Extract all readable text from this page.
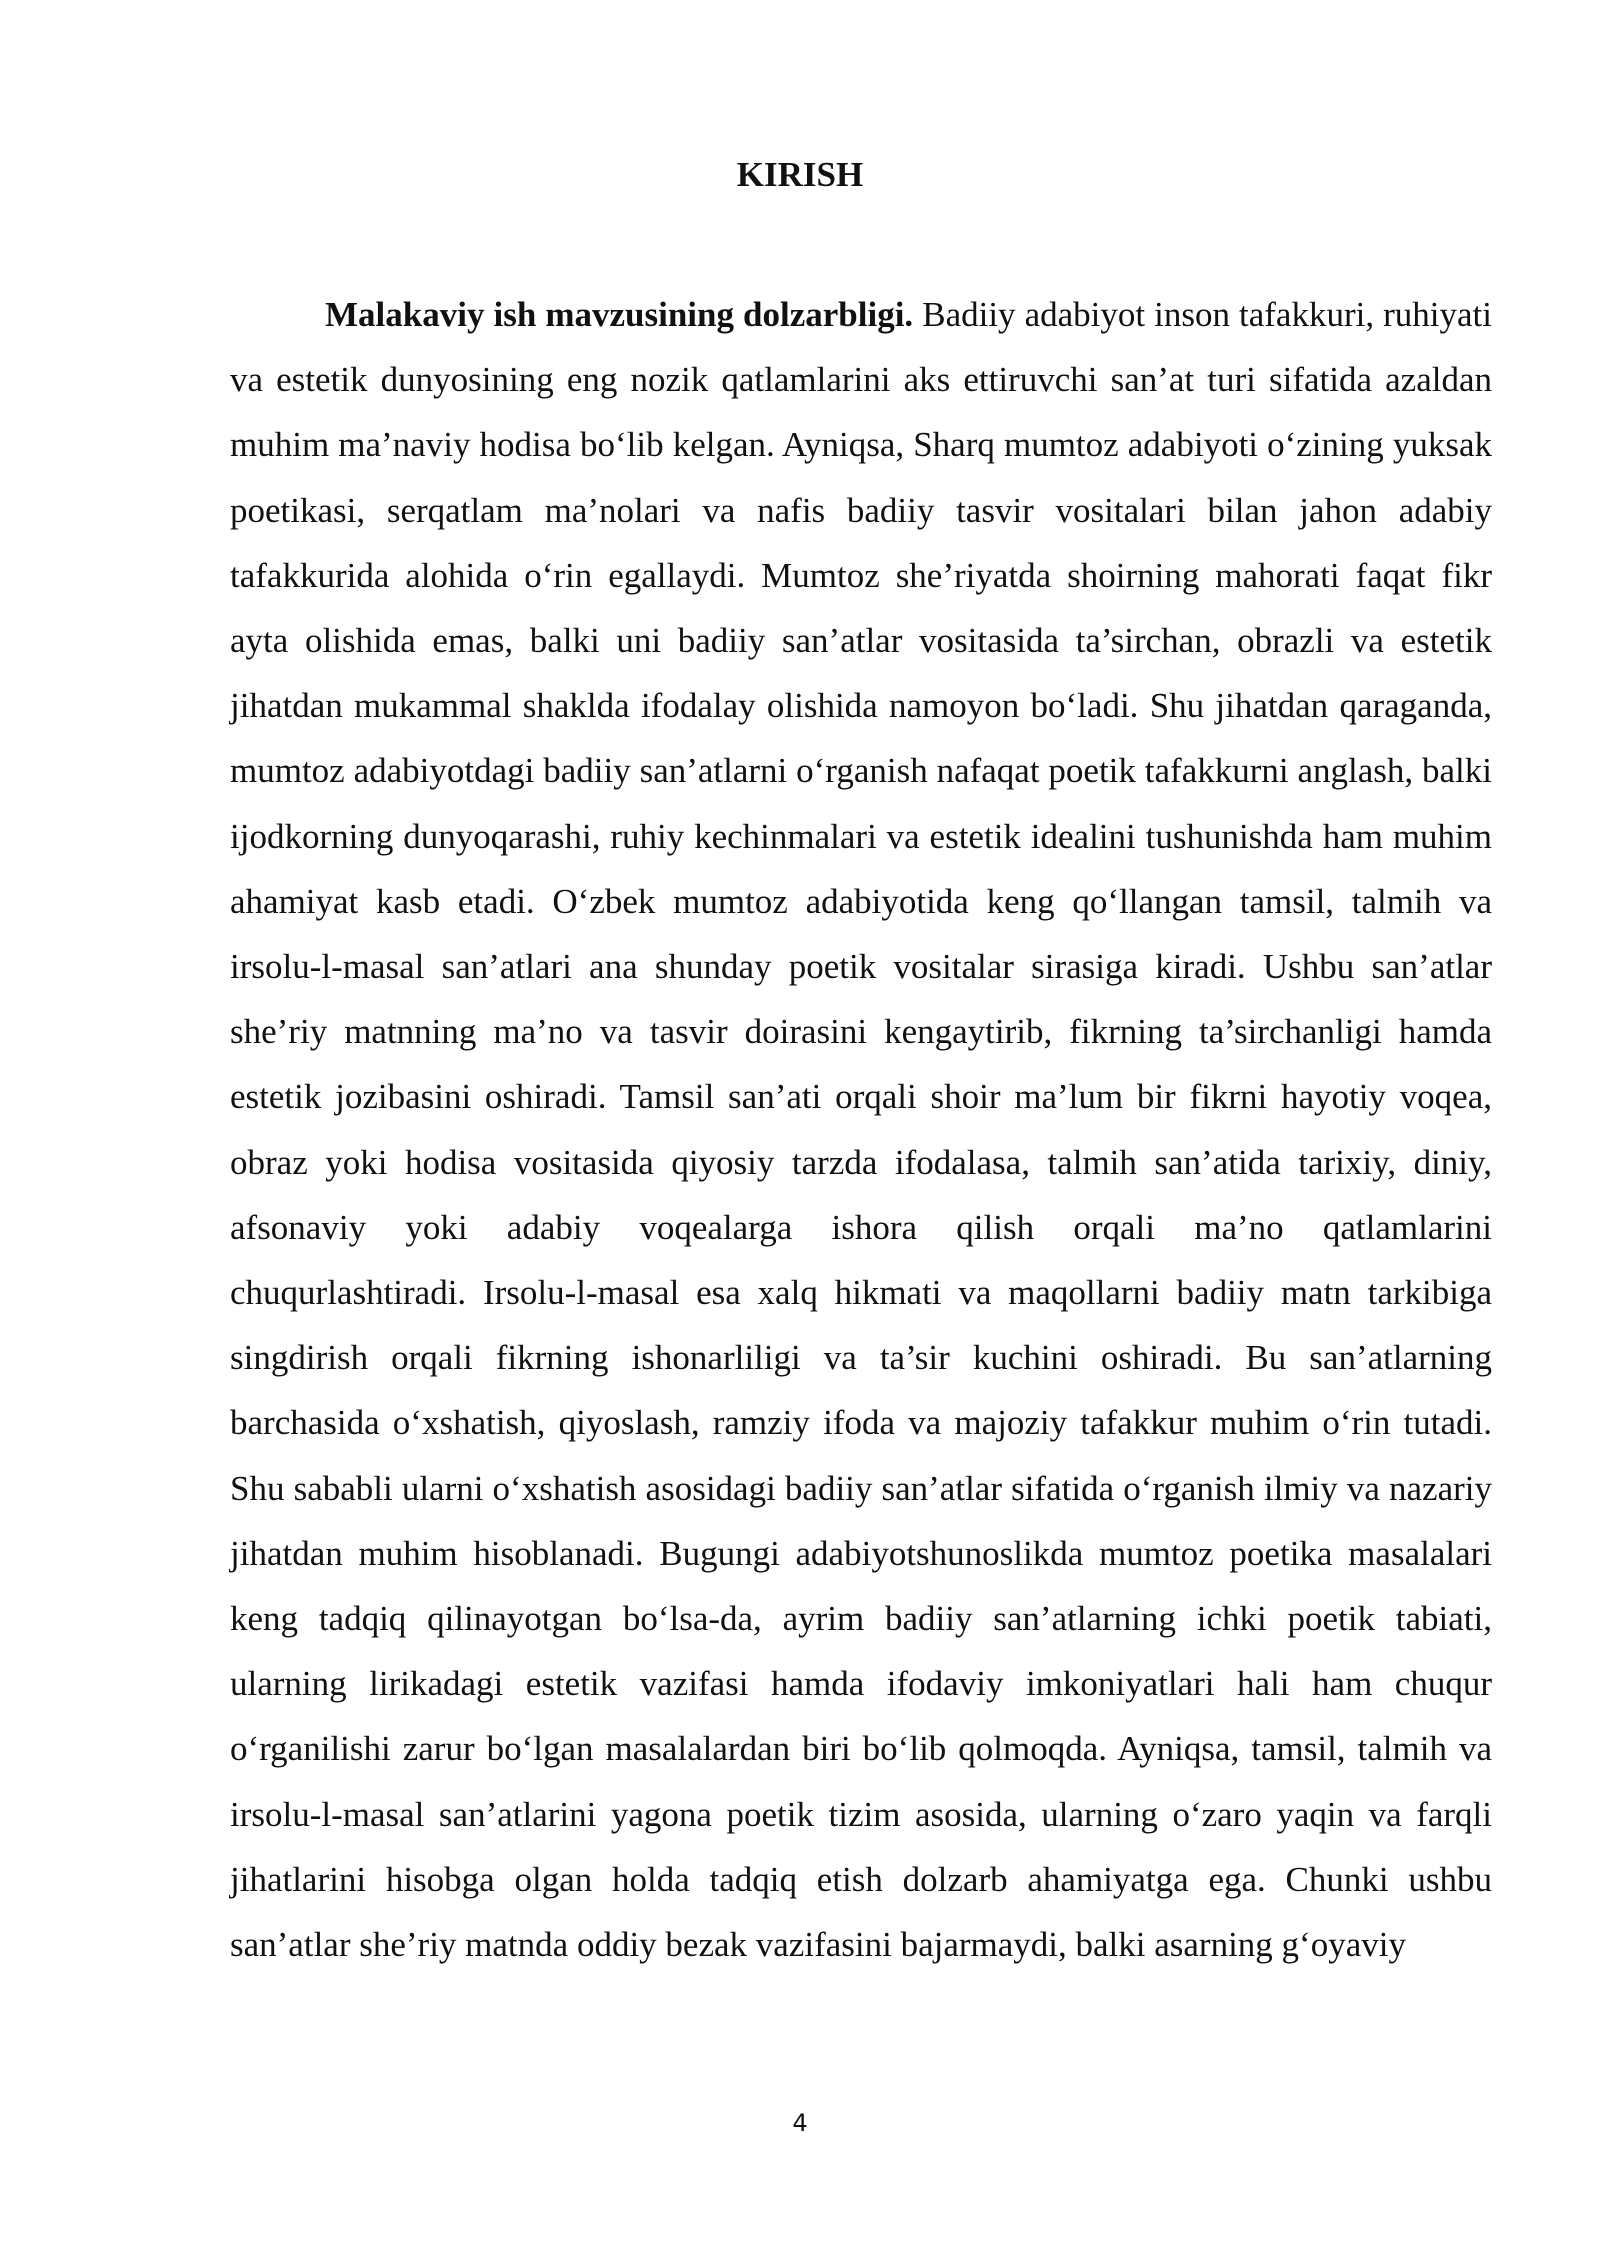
KIRISH

Malakaviy ish mavzusining dolzarbligi. Badiiy adabiyot inson tafakkuri, ruhiyati va estetik dunyosining eng nozik qatlamlarini aks ettiruvchi san’at turi sifatida azaldan muhim ma’naviy hodisa bo‘lib kelgan. Ayniqsa, Sharq mumtoz adabiyoti o‘zining yuksak poetikasi, serqatlam ma’nolari va nafis badiiy tasvir vositalari bilan jahon adabiy tafakkurida alohida o‘rin egallaydi. Mumtoz she’riyatda shoirning mahorati faqat fikr ayta olishida emas, balki uni badiiy san’atlar vositasida ta’sirchan, obrazli va estetik jihatdan mukammal shaklda ifodalay olishida namoyon bo‘ladi. Shu jihatdan qaraganda, mumtoz adabiyotdagi badiiy san’atlarni o‘rganish nafaqat poetik tafakkurni anglash, balki ijodkorning dunyoqarashi, ruhiy kechinmalari va estetik idealini tushunishda ham muhim ahamiyat kasb etadi. O‘zbek mumtoz adabiyotida keng qo‘llangan tamsil, talmih va irsolu-l-masal san’atlari ana shunday poetik vositalar sirasiga kiradi. Ushbu san’atlar she’riy matnning ma’no va tasvir doirasini kengaytirib, fikrning ta’sirchanligi hamda estetik jozibasini oshiradi. Tamsil san’ati orqali shoir ma’lum bir fikrni hayotiy voqea, obraz yoki hodisa vositasida qiyosiy tarzda ifodalasa, talmih san’atida tarixiy, diniy, afsonaviy yoki adabiy voqealarga ishora qilish orqali ma’no qatlamlarini chuqurlashtiradi. Irsolu-l-masal esa xalq hikmati va maqollarni badiiy matn tarkibiga singdirish orqali fikrning ishonarliligi va ta’sir kuchini oshiradi. Bu san’atlarning barchasida o‘xshatish, qiyoslash, ramziy ifoda va majoziy tafakkur muhim o‘rin tutadi. Shu sababli ularni o‘xshatish asosidagi badiiy san’atlar sifatida o‘rganish ilmiy va nazariy jihatdan muhim hisoblanadi. Bugungi adabiyotshunoslikda mumtoz poetika masalalari keng tadqiq qilinayotgan bo‘lsa-da, ayrim badiiy san’atlarning ichki poetik tabiati, ularning lirikadagi estetik vazifasi hamda ifodaviy imkoniyatlari hali ham chuqur o‘rganilishi zarur bo‘lgan masalalardan biri bo‘lib qolmoqda. Ayniqsa, tamsil, talmih va irsolu-l-masal san’atlarini yagona poetik tizim asosida, ularning o‘zaro yaqin va farqli jihatlarini hisobga olgan holda tadqiq etish dolzarb ahamiyatga ega. Chunki ushbu san’atlar she’riy matnda oddiy bezak vazifasini bajarmaydi, balki asarning g‘oyaviy

4
